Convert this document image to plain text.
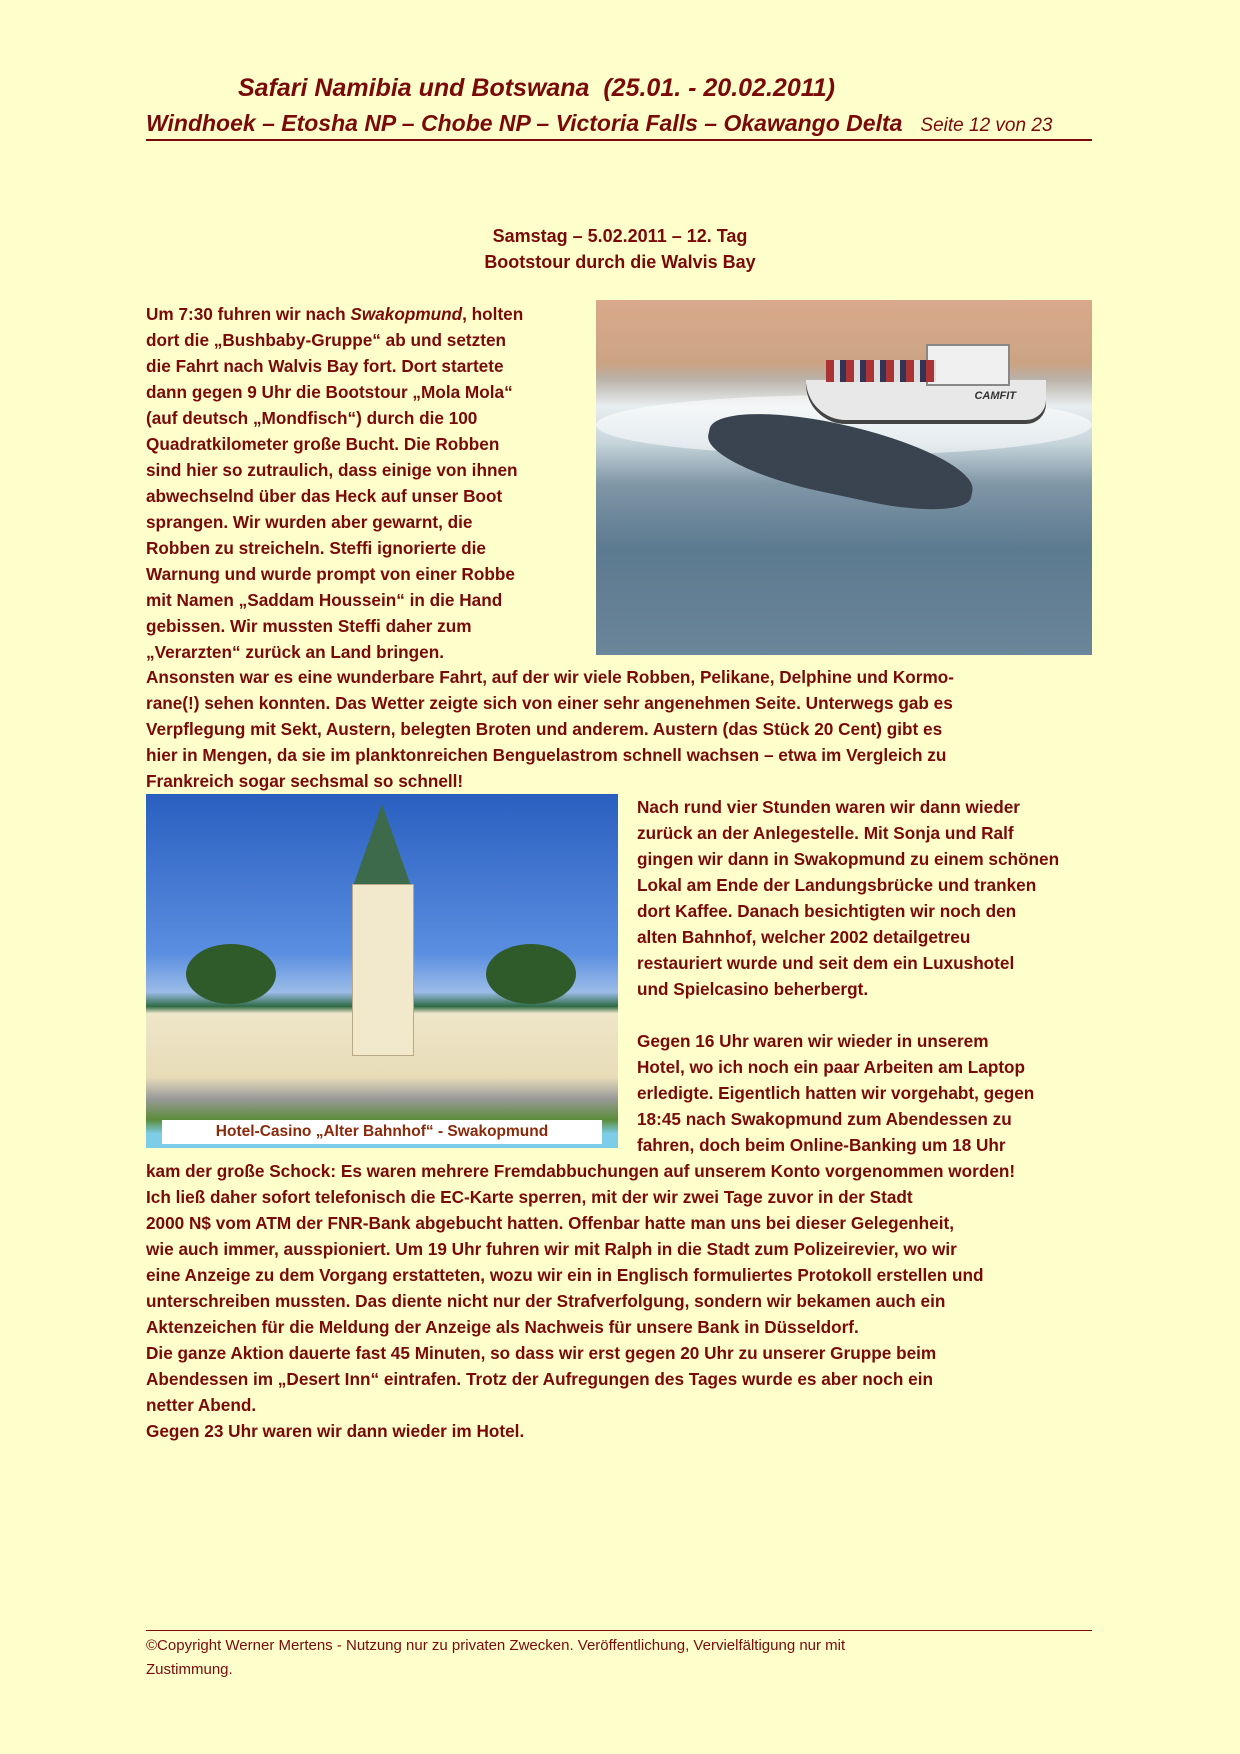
Safari Namibia und Botswana  (25.01. - 20.02.2011)
Windhoek – Etosha NP – Chobe NP – Victoria Falls – Okawango Delta Seite 12 von 23
Samstag – 5.02.2011 – 12. Tag
Bootstour durch die Walvis Bay
Um 7:30 fuhren wir nach Swakopmund, holten
dort die „Bushbaby-Gruppe“ ab und setzten
die Fahrt nach Walvis Bay fort. Dort startete
dann gegen 9 Uhr die Bootstour „Mola Mola“
(auf deutsch „Mondfisch“) durch die 100
Quadratkilometer große Bucht. Die Robben
sind hier so zutraulich, dass einige von ihnen
abwechselnd über das Heck auf unser Boot
sprangen. Wir wurden aber gewarnt, die
Robben zu streicheln. Steffi ignorierte die
Warnung und wurde prompt von einer Robbe
mit Namen „Saddam Houssein“ in die Hand
gebissen. Wir mussten Steffi daher zum
„Verarzten“ zurück an Land bringen.
CAMFIT
Ansonsten war es eine wunderbare Fahrt, auf der wir viele Robben, Pelikane, Delphine und Kormo-
rane(!) sehen konnten. Das Wetter zeigte sich von einer sehr angenehmen Seite. Unterwegs gab es
Verpflegung mit Sekt, Austern, belegten Broten und anderem. Austern (das Stück 20 Cent) gibt es
hier in Mengen, da sie im planktonreichen Benguelastrom schnell wachsen – etwa im Vergleich zu
Frankreich sogar sechsmal so schnell!
Hotel-Casino „Alter Bahnhof“ - Swakopmund
Nach rund vier Stunden waren wir dann wieder
zurück an der Anlegestelle. Mit Sonja und Ralf
gingen wir dann in Swakopmund zu einem schönen
Lokal am Ende der Landungsbrücke und tranken
dort Kaffee. Danach besichtigten wir noch den
alten Bahnhof, welcher 2002 detailgetreu
restauriert wurde und seit dem ein Luxushotel
und Spielcasino beherbergt.
Gegen 16 Uhr waren wir wieder in unserem
Hotel, wo ich noch ein paar Arbeiten am Laptop
erledigte. Eigentlich hatten wir vorgehabt, gegen
18:45 nach Swakopmund zum Abendessen zu
fahren, doch beim Online-Banking um 18 Uhr
kam der große Schock: Es waren mehrere Fremdabbuchungen auf unserem Konto vorgenommen worden!
Ich ließ daher sofort telefonisch die EC-Karte sperren, mit der wir zwei Tage zuvor in der Stadt
2000 N$ vom ATM der FNR-Bank abgebucht hatten. Offenbar hatte man uns bei dieser Gelegenheit,
wie auch immer, ausspioniert. Um 19 Uhr fuhren wir mit Ralph in die Stadt zum Polizeirevier, wo wir
eine Anzeige zu dem Vorgang erstatteten, wozu wir ein in Englisch formuliertes Protokoll erstellen und
unterschreiben mussten. Das diente nicht nur der Strafverfolgung, sondern wir bekamen auch ein
Aktenzeichen für die Meldung der Anzeige als Nachweis für unsere Bank in Düsseldorf.
Die ganze Aktion dauerte fast 45 Minuten, so dass wir erst gegen 20 Uhr zu unserer Gruppe beim
Abendessen im „Desert Inn“ eintrafen. Trotz der Aufregungen des Tages wurde es aber noch ein
netter Abend.
Gegen 23 Uhr waren wir dann wieder im Hotel.
©Copyright Werner Mertens - Nutzung nur zu privaten Zwecken. Veröffentlichung, Vervielfältigung nur mit
Zustimmung.
